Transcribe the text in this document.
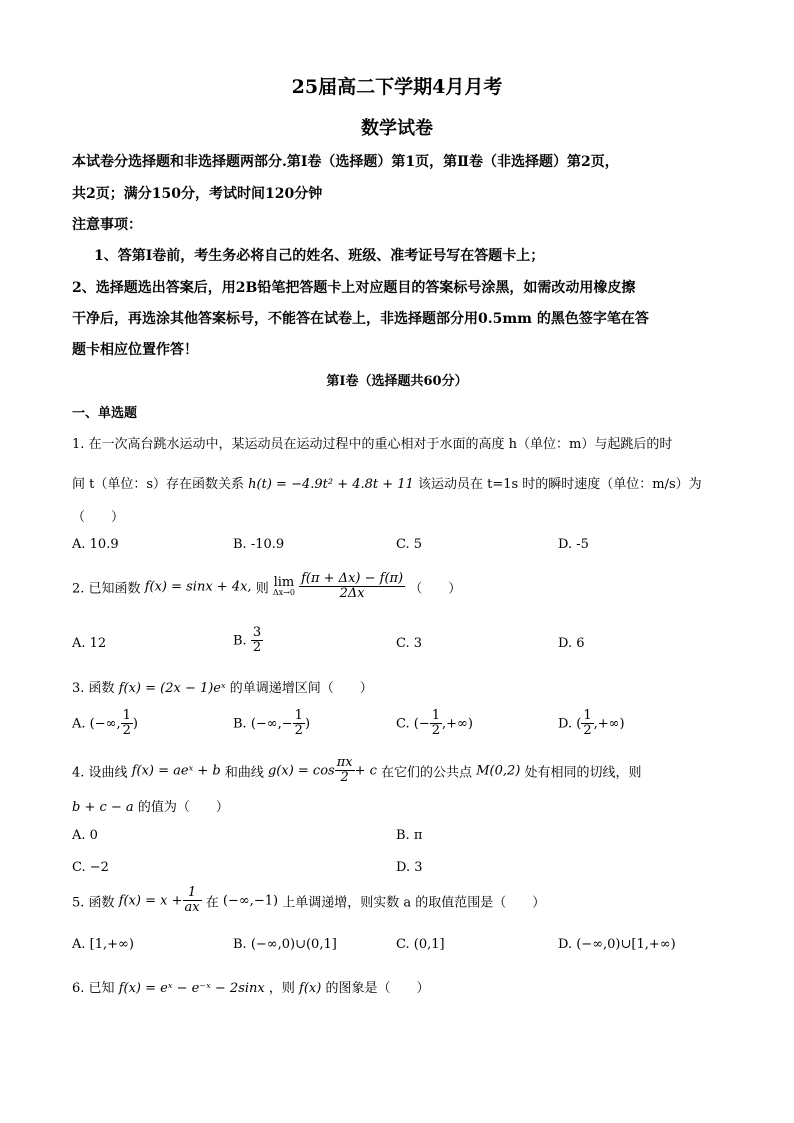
25届高二下学期4月月考
数学试卷
本试卷分选择题和非选择题两部分.第Ⅰ卷（选择题）第1页，第Ⅱ卷（非选择题）第2页，
共2页；满分150分，考试时间120分钟
注意事项：
1、答第Ⅰ卷前，考生务必将自己的姓名、班级、准考证号写在答题卡上；
2、选择题选出答案后，用2B铅笔把答题卡上对应题目的答案标号涂黑，如需改动用橡皮擦
干净后，再选涂其他答案标号，不能答在试卷上，非选择题部分用0.5mm 的黑色签字笔在答
题卡相应位置作答！
第Ⅰ卷（选择题共60分）
一、单选题
1. 在一次高台跳水运动中，某运动员在运动过程中的重心相对于水面的高度 h（单位：m）与起跳后的时
间 t（单位：s）存在函数关系 h(t) = −4.9t² + 4.8t + 11 该运动员在 t=1s 时的瞬时速度（单位：m/s）为
（　　）
A. 10.9	B. -10.9	C. 5	D. -5
2. 已知函数 f(x) = sinx + 4x, 则 lim
Δx→0
$\frac{f(\pi + \Delta x) - f(\pi)}{2\Delta x}$ （　　）
A. 12	B. $\frac{3}{2}$	C. 3	D. 6
3. 函数 f(x) = (2x − 1)eˣ 的单调递增区间（　　）
A. (−∞, $\frac{1}{2}$ )	B. (−∞,− $\frac{1}{2}$ )	C. (− $\frac{1}{2}$ ,+∞)	D. ( $\frac{1}{2}$ ,+∞)
4. 设曲线 f(x) = aeˣ + b 和曲线 $g(x) = \cos \frac{\pi x}{2} + c$ 在它们的公共点 M(0,2) 处有相同的切线，则
b + c − a 的值为（　　）
A. 0	B. π
C. −2	D. 3
5. 函数 $f(x) = x + \frac{1}{ax}$ 在 (−∞,−1) 上单调递增，则实数 a 的取值范围是（　　）
A. [1,+∞)	B. (−∞,0)∪(0,1]	C. (0,1]	D. (−∞,0)∪[1,+∞)
6. 已知 f(x) = eˣ − e⁻ˣ − 2sinx ，则 f(x) 的图象是（　　）
